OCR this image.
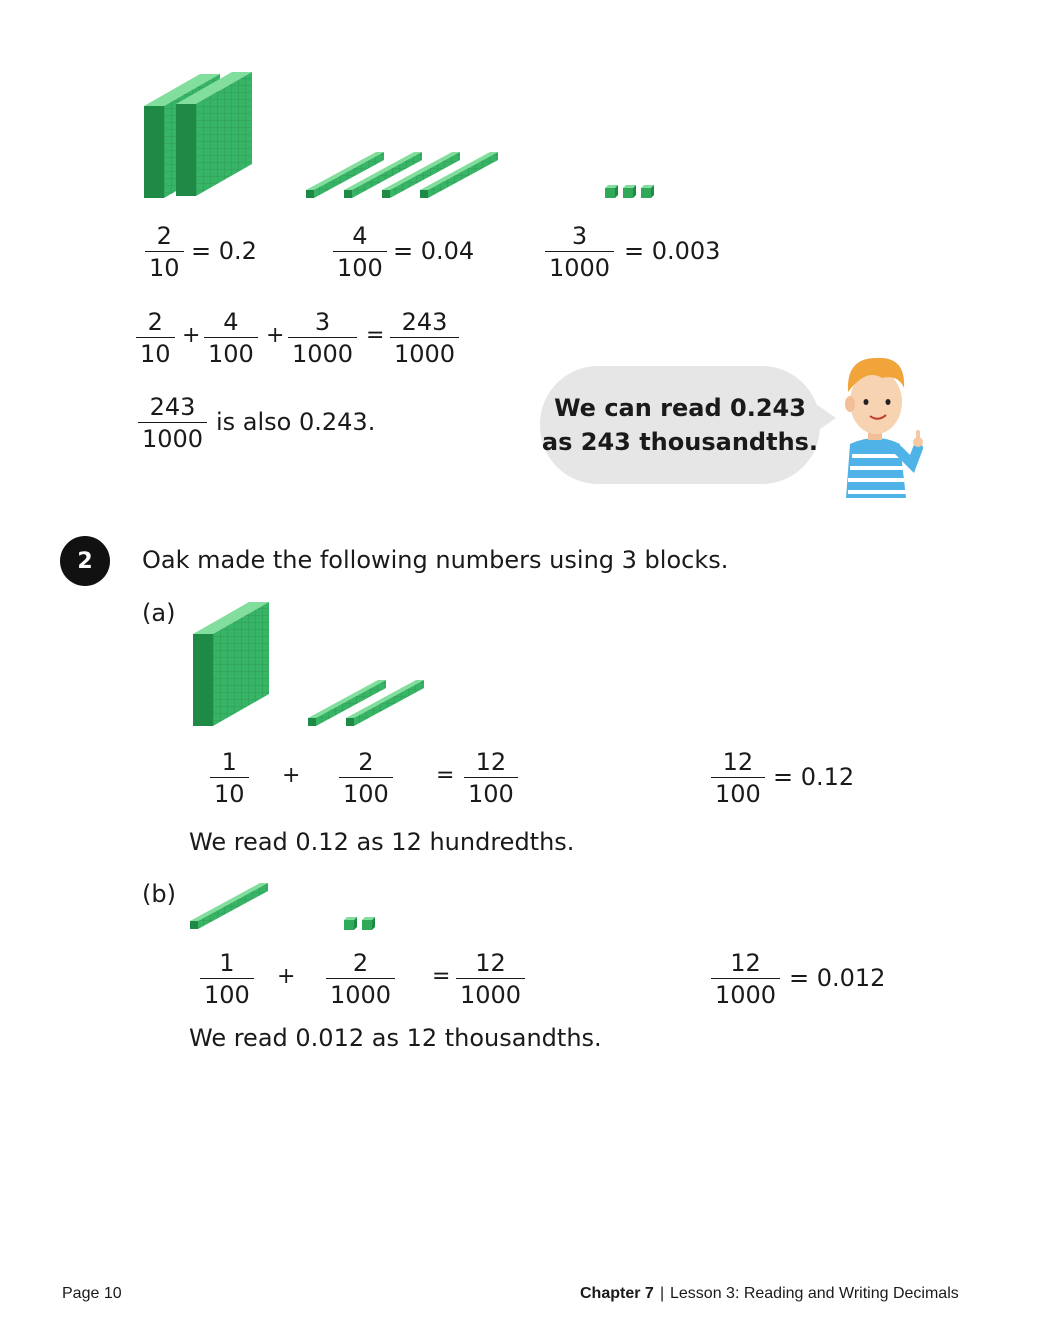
2
10
= 0.2
4
100
= 0.04
3
1000
= 0.003
2
10
+ 4
100
+ 3
1000
= 243
1000
243
1000
is also 0.243.	We can read 0.243
as 243 thousandths.
2	Oak made the following numbers using 3 blocks.
(a)
1
10
+ 2
100
= 12
100
12
100
= 0.12
We read 0.12 as 12 hundredths.
(b)
1
100
+ 2
1000
= 12
1000
12
1000
= 0.012
We read 0.012 as 12 thousandths.
Page 10	Chapter 7 | Lesson 3: Reading and Writing Decimals
